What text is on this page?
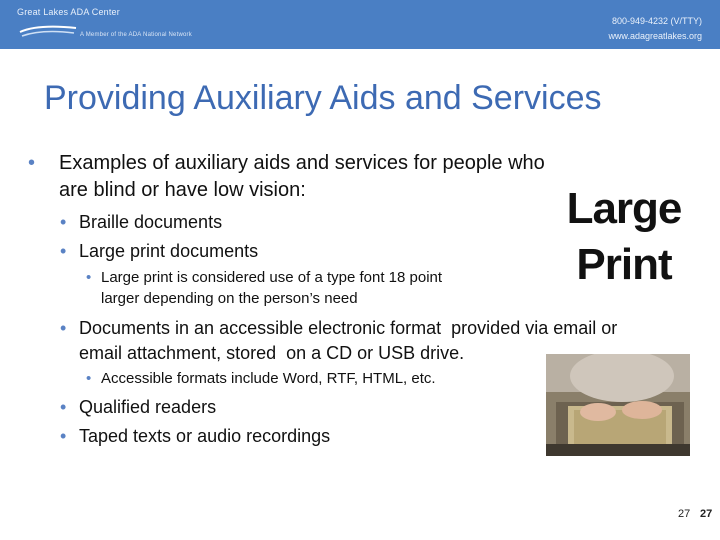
Great Lakes ADA Center
A Member of the ADA National Network
800-949-4232 (V/TTY)
www.adagreatlakes.org
Providing Auxiliary Aids and Services
• Examples of auxiliary aids and services for people who

are blind or have low vision:

• Braille documents

• Large print documents

• Large print is considered use of a type font 18 point

larger depending on the person’s need

• Documents in an accessible electronic format  provided via email or

email attachment, stored  on a CD or USB drive.

• Accessible formats include Word, RTF, HTML, etc.

• Qualified readers

• Taped texts or audio recordings

Large
Print
27 27
